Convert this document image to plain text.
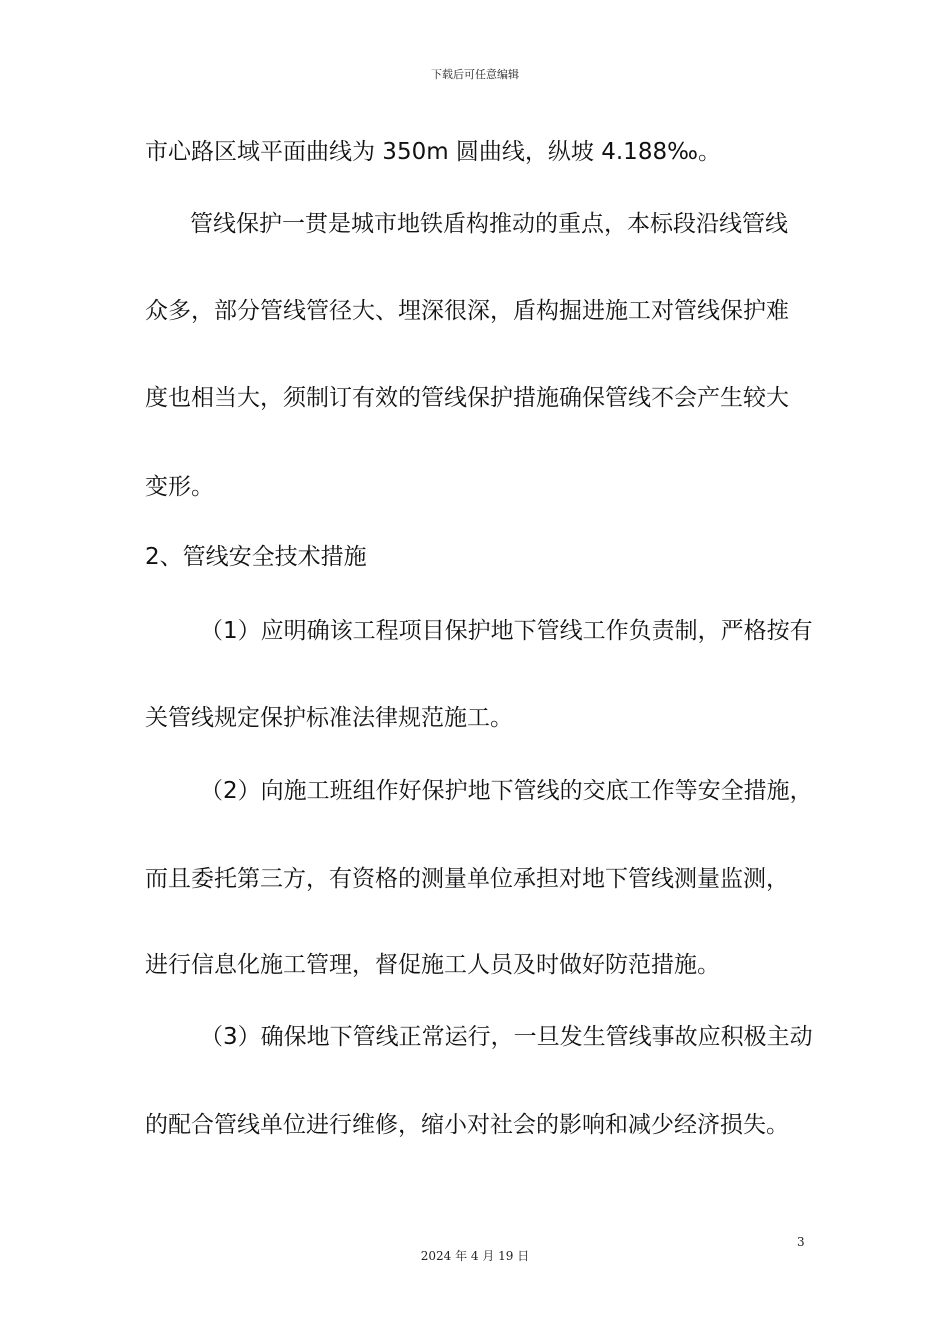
下载后可任意编辑
市心路区域平面曲线为 350m 圆曲线，纵坡 4.188‰。
管线保护一贯是城市地铁盾构推动的重点，本标段沿线管线
众多，部分管线管径大、埋深很深，盾构掘进施工对管线保护难
度也相当大，须制订有效的管线保护措施确保管线不会产生较大
变形。
2、管线安全技术措施
（1）应明确该工程项目保护地下管线工作负责制，严格按有
关管线规定保护标准法律规范施工。
（2）向施工班组作好保护地下管线的交底工作等安全措施，
而且委托第三方，有资格的测量单位承担对地下管线测量监测，
进行信息化施工管理，督促施工人员及时做好防范措施。
（3）确保地下管线正常运行，一旦发生管线事故应积极主动
的配合管线单位进行维修，缩小对社会的影响和减少经济损失。
3
2024 年 4 月 19 日
